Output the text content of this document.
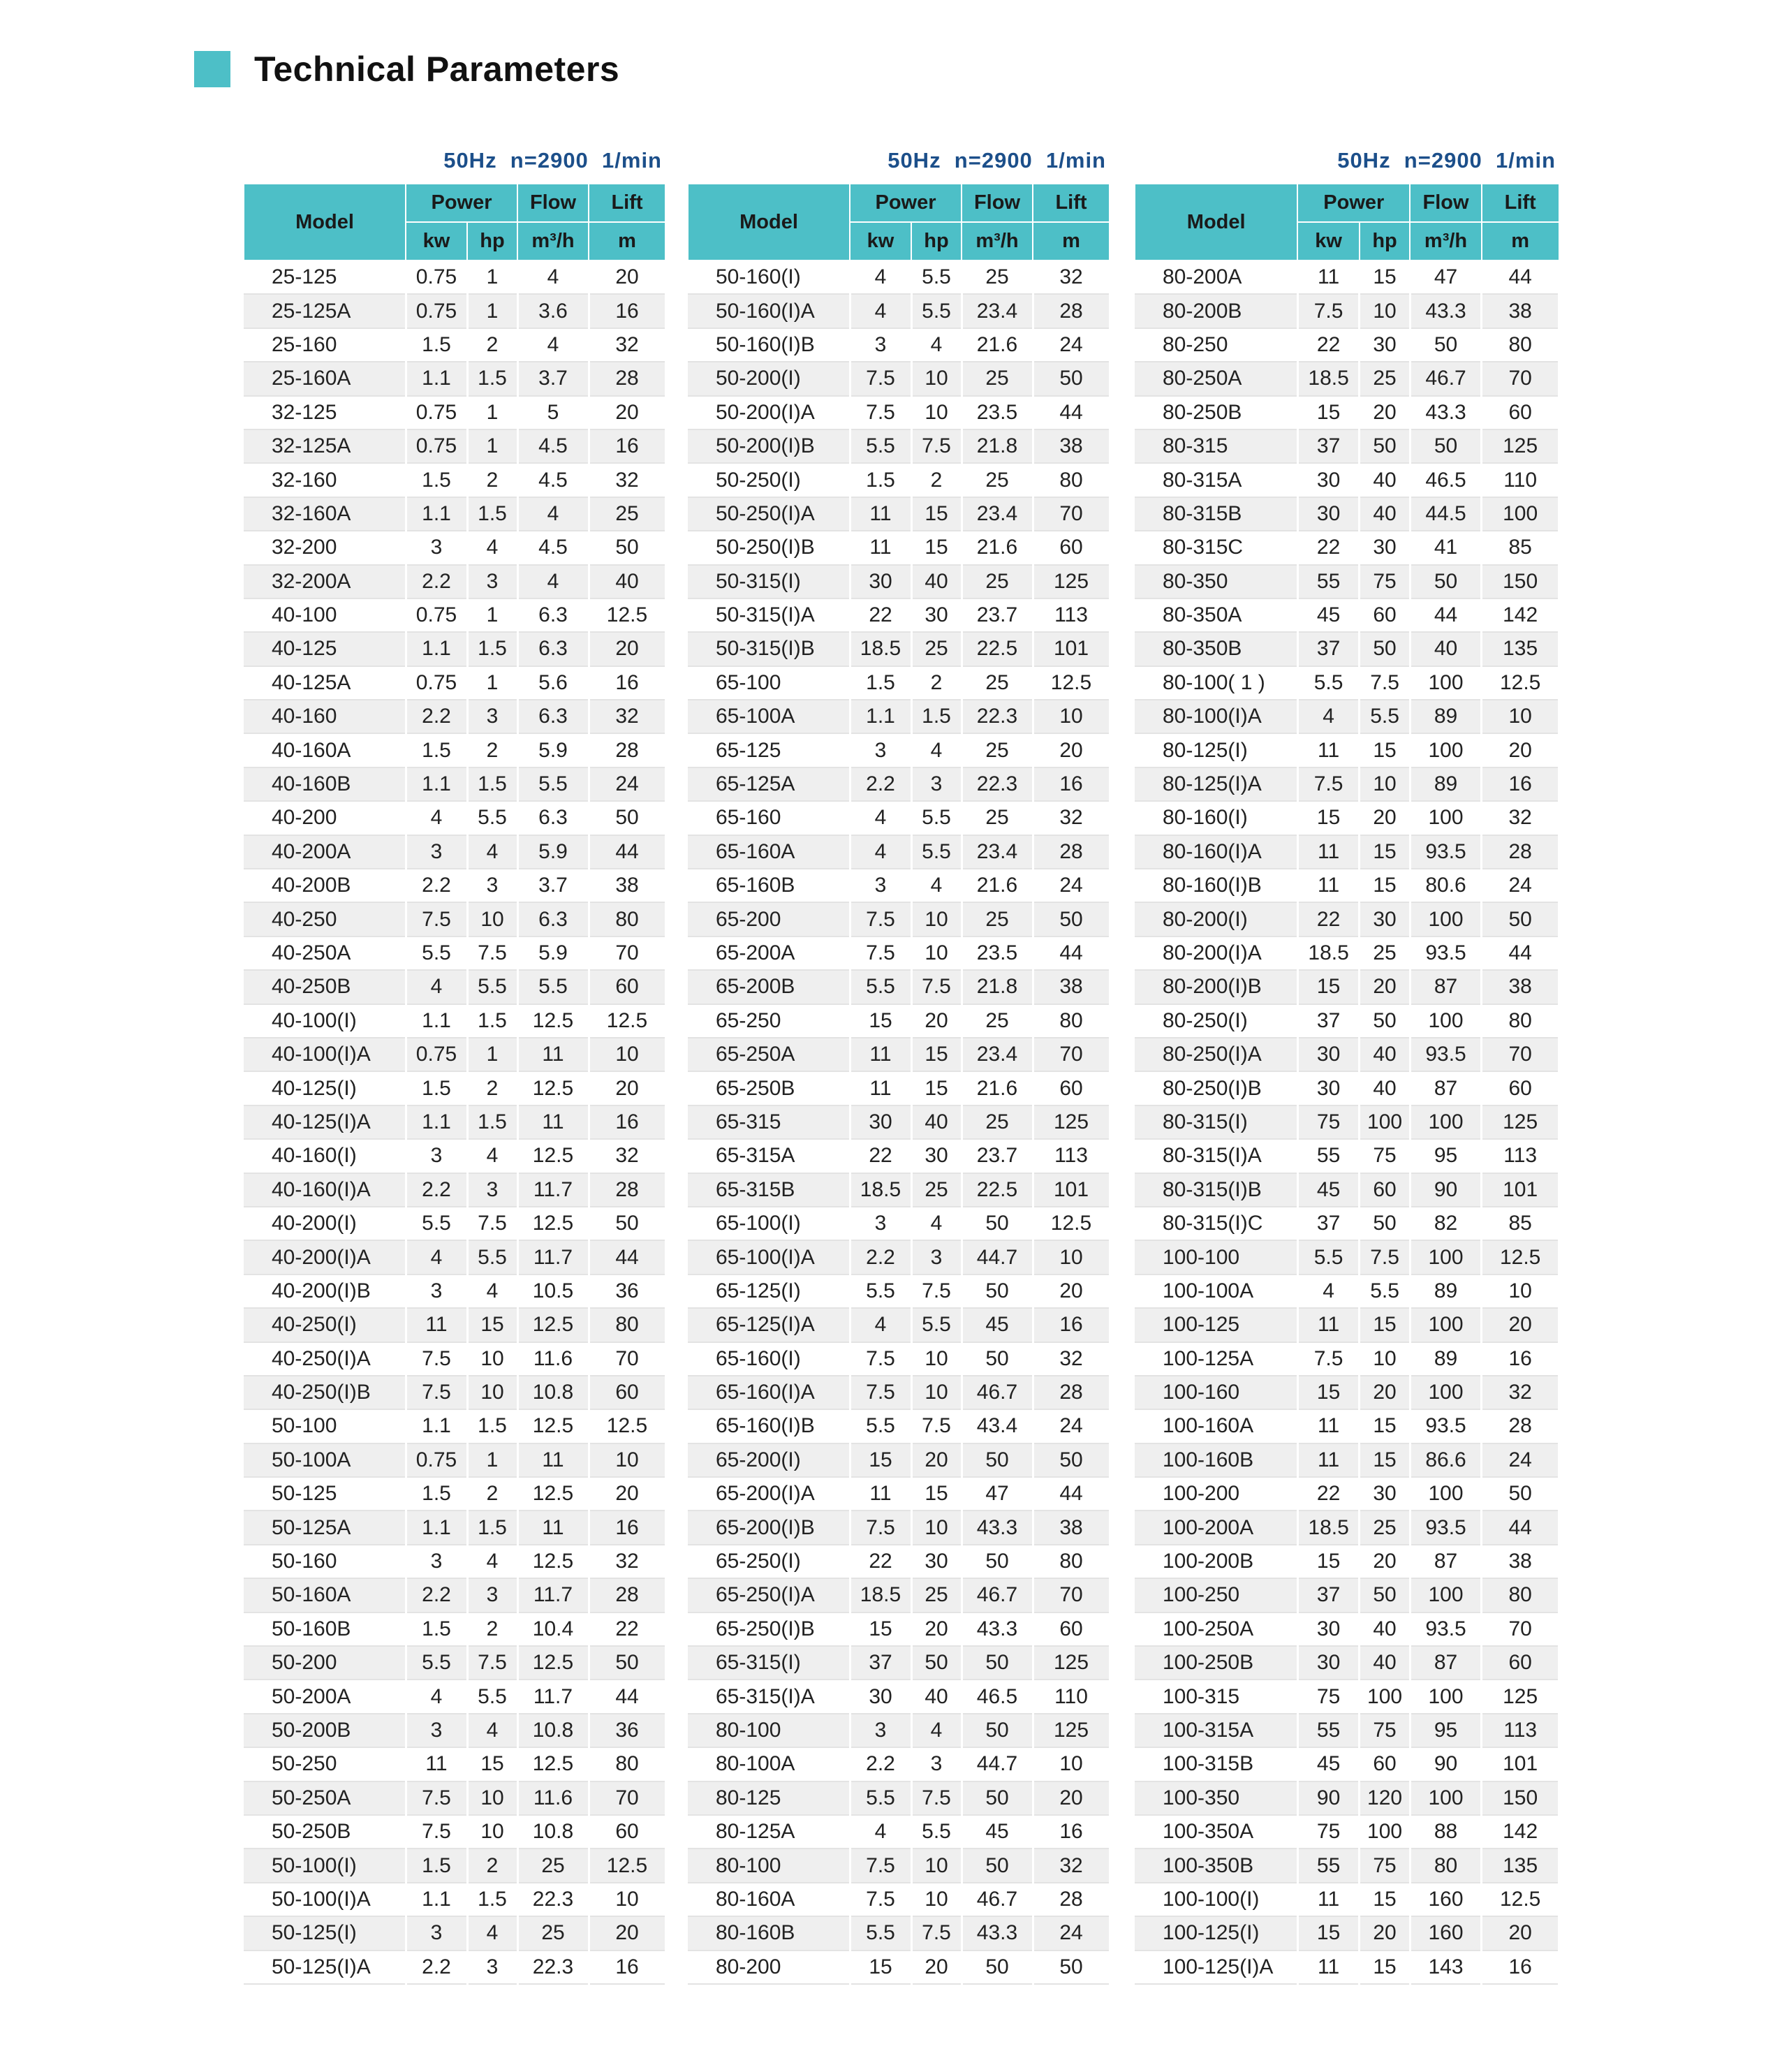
Technical Parameters
50Hz  n=2900  1/min
Model	Power		Flow	Lift
	kw	hp	m³/h	m
25-125	0.75	1	4	20
25-125A	0.75	1	3.6	16
25-160	1.5	2	4	32
25-160A	1.1	1.5	3.7	28
32-125	0.75	1	5	20
32-125A	0.75	1	4.5	16
32-160	1.5	2	4.5	32
32-160A	1.1	1.5	4	25
32-200	3	4	4.5	50
32-200A	2.2	3	4	40
40-100	0.75	1	6.3	12.5
40-125	1.1	1.5	6.3	20
40-125A	0.75	1	5.6	16
40-160	2.2	3	6.3	32
40-160A	1.5	2	5.9	28
40-160B	1.1	1.5	5.5	24
40-200	4	5.5	6.3	50
40-200A	3	4	5.9	44
40-200B	2.2	3	3.7	38
40-250	7.5	10	6.3	80
40-250A	5.5	7.5	5.9	70
40-250B	4	5.5	5.5	60
40-100(I)	1.1	1.5	12.5	12.5
40-100(I)A	0.75	1	11	10
40-125(I)	1.5	2	12.5	20
40-125(I)A	1.1	1.5	11	16
40-160(I)	3	4	12.5	32
40-160(I)A	2.2	3	11.7	28
40-200(I)	5.5	7.5	12.5	50
40-200(I)A	4	5.5	11.7	44
40-200(I)B	3	4	10.5	36
40-250(I)	11	15	12.5	80
40-250(I)A	7.5	10	11.6	70
40-250(I)B	7.5	10	10.8	60
50-100	1.1	1.5	12.5	12.5
50-100A	0.75	1	11	10
50-125	1.5	2	12.5	20
50-125A	1.1	1.5	11	16
50-160	3	4	12.5	32
50-160A	2.2	3	11.7	28
50-160B	1.5	2	10.4	22
50-200	5.5	7.5	12.5	50
50-200A	4	5.5	11.7	44
50-200B	3	4	10.8	36
50-250	11	15	12.5	80
50-250A	7.5	10	11.6	70
50-250B	7.5	10	10.8	60
50-100(I)	1.5	2	25	12.5
50-100(I)A	1.1	1.5	22.3	10
50-125(I)	3	4	25	20
50-125(I)A	2.2	3	22.3	16
50Hz  n=2900  1/min
Model	Power		Flow	Lift
	kw	hp	m³/h	m
50-160(I)	4	5.5	25	32
50-160(I)A	4	5.5	23.4	28
50-160(I)B	3	4	21.6	24
50-200(I)	7.5	10	25	50
50-200(I)A	7.5	10	23.5	44
50-200(I)B	5.5	7.5	21.8	38
50-250(I)	1.5	2	25	80
50-250(I)A	11	15	23.4	70
50-250(I)B	11	15	21.6	60
50-315(I)	30	40	25	125
50-315(I)A	22	30	23.7	113
50-315(I)B	18.5	25	22.5	101
65-100	1.5	2	25	12.5
65-100A	1.1	1.5	22.3	10
65-125	3	4	25	20
65-125A	2.2	3	22.3	16
65-160	4	5.5	25	32
65-160A	4	5.5	23.4	28
65-160B	3	4	21.6	24
65-200	7.5	10	25	50
65-200A	7.5	10	23.5	44
65-200B	5.5	7.5	21.8	38
65-250	15	20	25	80
65-250A	11	15	23.4	70
65-250B	11	15	21.6	60
65-315	30	40	25	125
65-315A	22	30	23.7	113
65-315B	18.5	25	22.5	101
65-100(I)	3	4	50	12.5
65-100(I)A	2.2	3	44.7	10
65-125(I)	5.5	7.5	50	20
65-125(I)A	4	5.5	45	16
65-160(I)	7.5	10	50	32
65-160(I)A	7.5	10	46.7	28
65-160(I)B	5.5	7.5	43.4	24
65-200(I)	15	20	50	50
65-200(I)A	11	15	47	44
65-200(I)B	7.5	10	43.3	38
65-250(I)	22	30	50	80
65-250(I)A	18.5	25	46.7	70
65-250(I)B	15	20	43.3	60
65-315(I)	37	50	50	125
65-315(I)A	30	40	46.5	110
80-100	3	4	50	125
80-100A	2.2	3	44.7	10
80-125	5.5	7.5	50	20
80-125A	4	5.5	45	16
80-100	7.5	10	50	32
80-160A	7.5	10	46.7	28
80-160B	5.5	7.5	43.3	24
80-200	15	20	50	50
50Hz  n=2900  1/min
Model	Power		Flow	Lift
	kw	hp	m³/h	m
80-200A	11	15	47	44
80-200B	7.5	10	43.3	38
80-250	22	30	50	80
80-250A	18.5	25	46.7	70
80-250B	15	20	43.3	60
80-315	37	50	50	125
80-315A	30	40	46.5	110
80-315B	30	40	44.5	100
80-315C	22	30	41	85
80-350	55	75	50	150
80-350A	45	60	44	142
80-350B	37	50	40	135
80-100( 1 )	5.5	7.5	100	12.5
80-100(I)A	4	5.5	89	10
80-125(I)	11	15	100	20
80-125(I)A	7.5	10	89	16
80-160(I)	15	20	100	32
80-160(I)A	11	15	93.5	28
80-160(I)B	11	15	80.6	24
80-200(I)	22	30	100	50
80-200(I)A	18.5	25	93.5	44
80-200(I)B	15	20	87	38
80-250(I)	37	50	100	80
80-250(I)A	30	40	93.5	70
80-250(I)B	30	40	87	60
80-315(I)	75	100	100	125
80-315(I)A	55	75	95	113
80-315(I)B	45	60	90	101
80-315(I)C	37	50	82	85
100-100	5.5	7.5	100	12.5
100-100A	4	5.5	89	10
100-125	11	15	100	20
100-125A	7.5	10	89	16
100-160	15	20	100	32
100-160A	11	15	93.5	28
100-160B	11	15	86.6	24
100-200	22	30	100	50
100-200A	18.5	25	93.5	44
100-200B	15	20	87	38
100-250	37	50	100	80
100-250A	30	40	93.5	70
100-250B	30	40	87	60
100-315	75	100	100	125
100-315A	55	75	95	113
100-315B	45	60	90	101
100-350	90	120	100	150
100-350A	75	100	88	142
100-350B	55	75	80	135
100-100(I)	11	15	160	12.5
100-125(I)	15	20	160	20
100-125(I)A	11	15	143	16
